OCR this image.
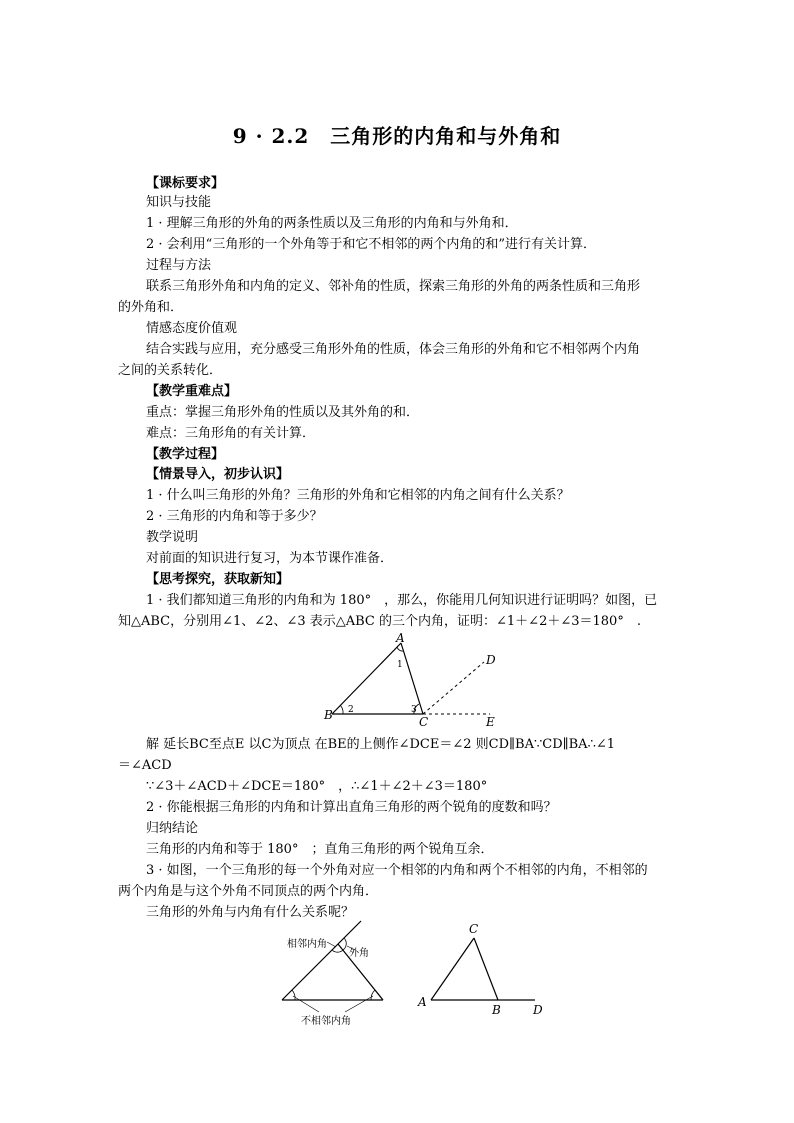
9 · 2.2　三角形的内角和与外角和
【课标要求】
知识与技能
1 · 理解三角形的外角的两条性质以及三角形的内角和与外角和．
2 · 会利用“三角形的一个外角等于和它不相邻的两个内角的和”进行有关计算．
过程与方法
联系三角形外角和内角的定义、邻补角的性质，探索三角形的外角的两条性质和三角形
的外角和．
情感态度价值观
结合实践与应用，充分感受三角形外角的性质，体会三角形的外角和它不相邻两个内角
之间的关系转化．
【教学重难点】
重点：掌握三角形外角的性质以及其外角的和．
难点：三角形角的有关计算．
【教学过程】
【情景导入，初步认识】
1 · 什么叫三角形的外角？三角形的外角和它相邻的内角之间有什么关系？
2 · 三角形的内角和等于多少？
教学说明
对前面的知识进行复习，为本节课作准备．
【思考探究，获取新知】
1 · 我们都知道三角形的内角和为 180°　，那么，你能用几何知识进行证明吗？如图，已
知△ABC，分别用∠1、∠2、∠3 表示△ABC 的三个内角，证明：∠1＋∠2＋∠3＝180°　.
A
B	C
D
E
1
2	3
解 延长BC至点E 以C为顶点 在BE的上侧作∠DCE＝∠2 则CD∥BA∵CD∥BA∴∠1
＝∠ACD
∵∠3＋∠ACD＋∠DCE＝180°　，∴∠1＋∠2＋∠3＝180°
2 · 你能根据三角形的内角和计算出直角三角形的两个锐角的度数和吗？
归纳结论
三角形的内角和等于 180°　；直角三角形的两个锐角互余．
3 · 如图，一个三角形的每一个外角对应一个相邻的内角和两个不相邻的内角，不相邻的
两个内角是与这个外角不同顶点的两个内角．
三角形的外角与内角有什么关系呢？
相邻内角
外角
不相邻内角
C
A
B	D
